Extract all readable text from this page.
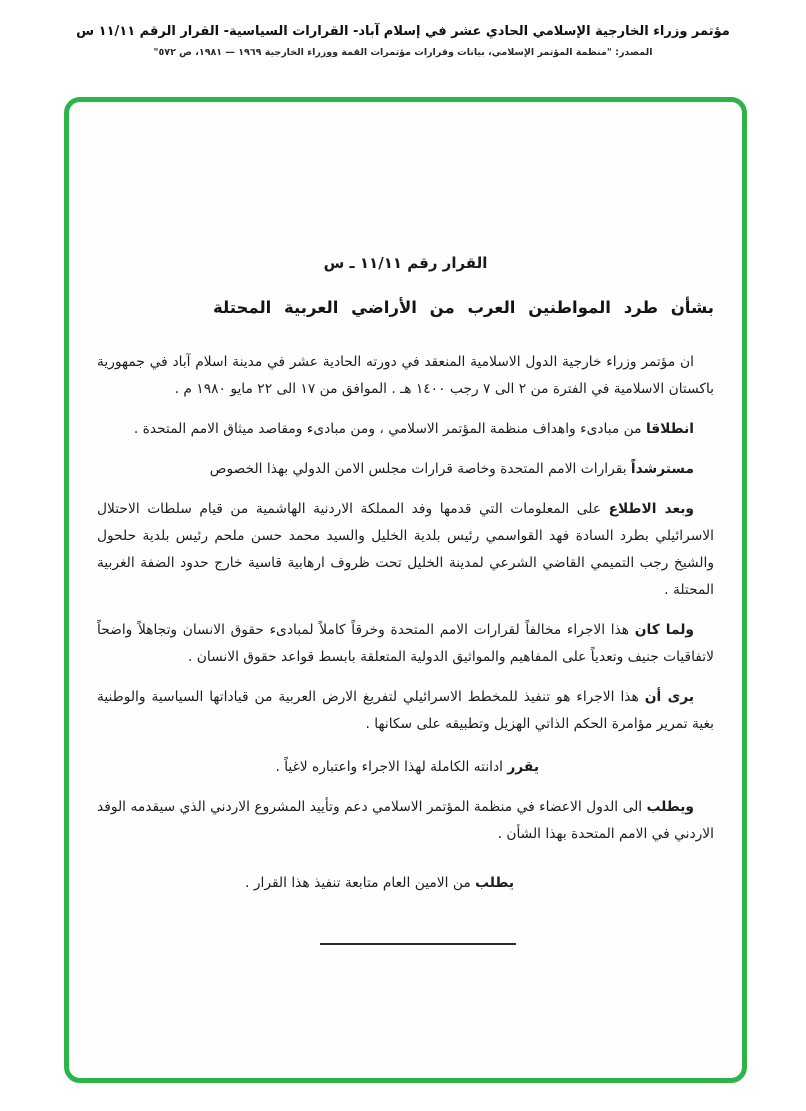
مؤتمر وزراء الخارجية الإسلامي الحادي عشر في إسلام آباد- القرارات السياسية- القرار الرقم ١١/١١ س
المصدر: "منظمة المؤتمر الإسلامي، بيانات وقرارات مؤتمرات القمة ووزراء الخارجية ١٩٦٩ — ١٩٨١، ص ٥٧٢"
القرار رقم ١١/١١ ـ س
بشأن طرد المواطنين العرب من الأراضي العربية المحتلة

ان مؤتمر وزراء خارجية الدول الاسلامية المنعقد في دورته الحادية عشر في مدينة اسلام آباد في جمهورية باكستان الاسلامية في الفترة من ٢ الى ٧ رجب ١٤٠٠ هـ . الموافق من ١٧ الى ٢٢ مايو ١٩٨٠ م .

انطلاقا من مبادىء واهداف منظمة المؤتمر الاسلامي ، ومن مبادىء ومقاصد ميثاق الامم المتحدة .

مسترشداً بقرارات الامم المتحدة وخاصة قرارات مجلس الامن الدولي بهذا الخصوص

وبعد الاطلاع على المعلومات التي قدمها وفد المملكة الاردنية الهاشمية من قيام سلطات الاحتلال الاسرائيلي بطرد السادة فهد القواسمي رئيس بلدية الخليل والسيد محمد حسن ملحم رئيس بلدية حلحول والشيخ رجب التميمي القاضي الشرعي لمدينة الخليل تحت ظروف ارهابية قاسية خارج حدود الضفة الغربية المحتلة .

ولما كان هذا الاجراء مخالفاً لقرارات الامم المتحدة وخرقاً كاملاً لمبادىء حقوق الانسان وتجاهلاً واضحاً لاتفاقيات جنيف وتعدياً على المفاهيم والمواثيق الدولية المتعلقة بابسط قواعد حقوق الانسان .

يرى أن هذا الاجراء هو تنفيذ للمخطط الاسرائيلي لتفريغ الارض العربية من قياداتها السياسية والوطنية بغية تمرير مؤامرة الحكم الذاتي الهزيل وتطبيقه على سكانها .

يقرر ادانته الكاملة لهذا الاجراء واعتباره لاغياً .

ويطلب الى الدول الاعضاء في منظمة المؤتمر الاسلامي دعم وتأييد المشروع الاردني الذي سيقدمه الوفد الاردني في الامم المتحدة بهذا الشأن .

يطلب من الامين العام متابعة تنفيذ هذا القرار .
